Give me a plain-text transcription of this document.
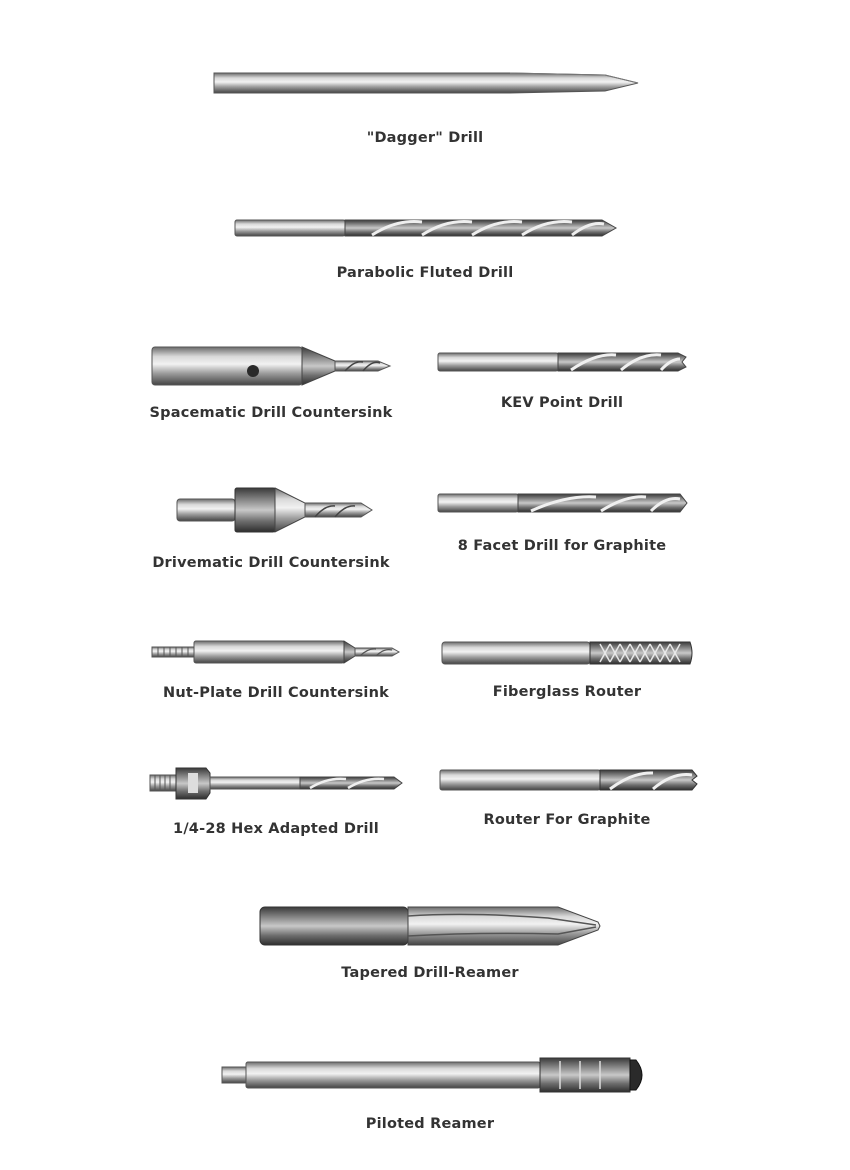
"Dagger" Drill
Parabolic Fluted Drill
Spacematic Drill Countersink
KEV Point Drill
Drivematic Drill Countersink
8 Facet Drill for Graphite
Nut-Plate Drill Countersink	Fiberglass Router
1/4-28 Hex Adapted Drill
Router For Graphite
Tapered Drill-Reamer
Piloted Reamer
